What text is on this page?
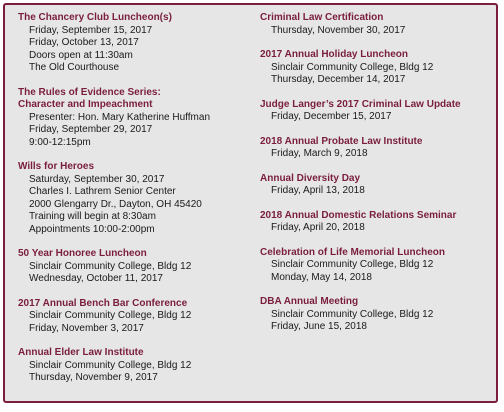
The Chancery Club Luncheon(s)
Friday, September 15, 2017
Friday, October 13, 2017
Doors open at 11:30am
The Old Courthouse
The Rules of Evidence Series:
Character and Impeachment
Presenter: Hon. Mary Katherine Huffman
Friday, September 29, 2017
9:00-12:15pm
Wills for Heroes
Saturday, September 30, 2017
Charles I. Lathrem Senior Center
2000 Glengarry Dr., Dayton, OH 45420
Training will begin at 8:30am
Appointments 10:00-2:00pm
50 Year Honoree Luncheon
Sinclair Community College, Bldg 12
Wednesday, October 11, 2017
2017 Annual Bench Bar Conference
Sinclair Community College, Bldg 12
Friday, November 3, 2017
Annual Elder Law Institute
Sinclair Community College, Bldg 12
Thursday, November 9, 2017
Criminal Law Certification
Thursday, November 30, 2017
2017 Annual Holiday Luncheon
Sinclair Community College, Bldg 12
Thursday, December 14, 2017
Judge Langer’s 2017 Criminal Law Update
Friday, December 15, 2017
2018 Annual Probate Law Institute
Friday, March 9, 2018
Annual Diversity Day
Friday, April 13, 2018
2018 Annual Domestic Relations Seminar
Friday, April 20, 2018
Celebration of Life Memorial Luncheon
Sinclair Community College, Bldg 12
Monday, May 14, 2018
DBA Annual Meeting
Sinclair Community College, Bldg 12
Friday, June 15, 2018
